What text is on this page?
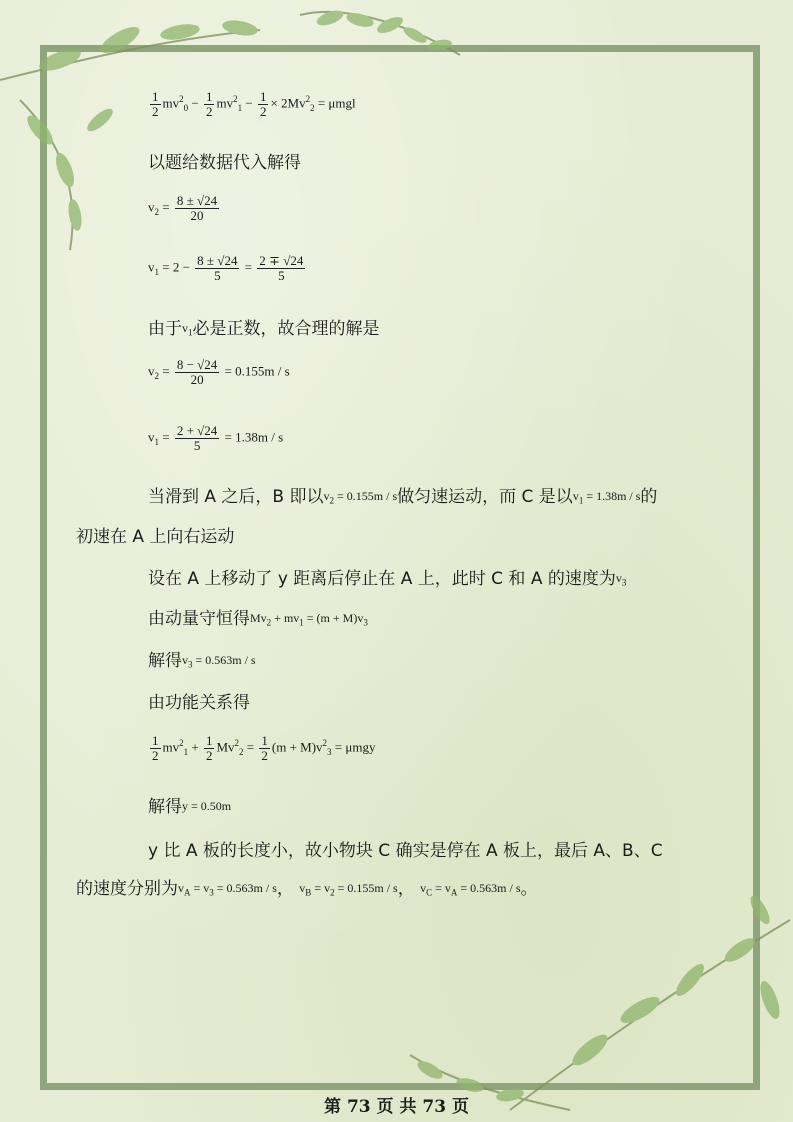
$\frac{1}{2} mv^2_0 - \frac{1}{2} mv^2_1 - \frac{1}{2} \times 2Mv^2_2 = \mu mgl$
以题给数据代入解得
$v_2 = \frac{8 \pm √24}{20}$
$v_1 = 2 - \frac{8 \pm √24}{5} = \frac{2 \mp √24}{5}$
由于$v_1$必是正数，故合理的解是
$v_2 = \frac{8 - √24}{20} = 0.155m / s$
$v_1 = \frac{2 + √24}{5} = 1.38m / s$
当滑到 A 之后，B 即以$v_2 = 0.155m / s$做匀速运动，而 C 是以$v_1 = 1.38m / s$的
初速在 A 上向右运动
设在 A 上移动了 y 距离后停止在 A 上，此时 C 和 A 的速度为$v_3$
由动量守恒得$Mv_2 + mv_1 = (m + M)v_3$
解得$v_3 = 0.563m / s$
由功能关系得
$\frac{1}{2} mv^2_1 + \frac{1}{2} Mv^2_2 = \frac{1}{2} (m + M)v^2_3 = \mu mgy$
解得y = 0.50m
y 比 A 板的长度小，故小物块 C 确实是停在 A 板上，最后 A、B、C
的速度分别为$v_A = v_3 = 0.563m / s$， $v_B = v_2 = 0.155m / s$， $v_C = v_A = 0.563m / s$。
第 73 页 共 73 页
